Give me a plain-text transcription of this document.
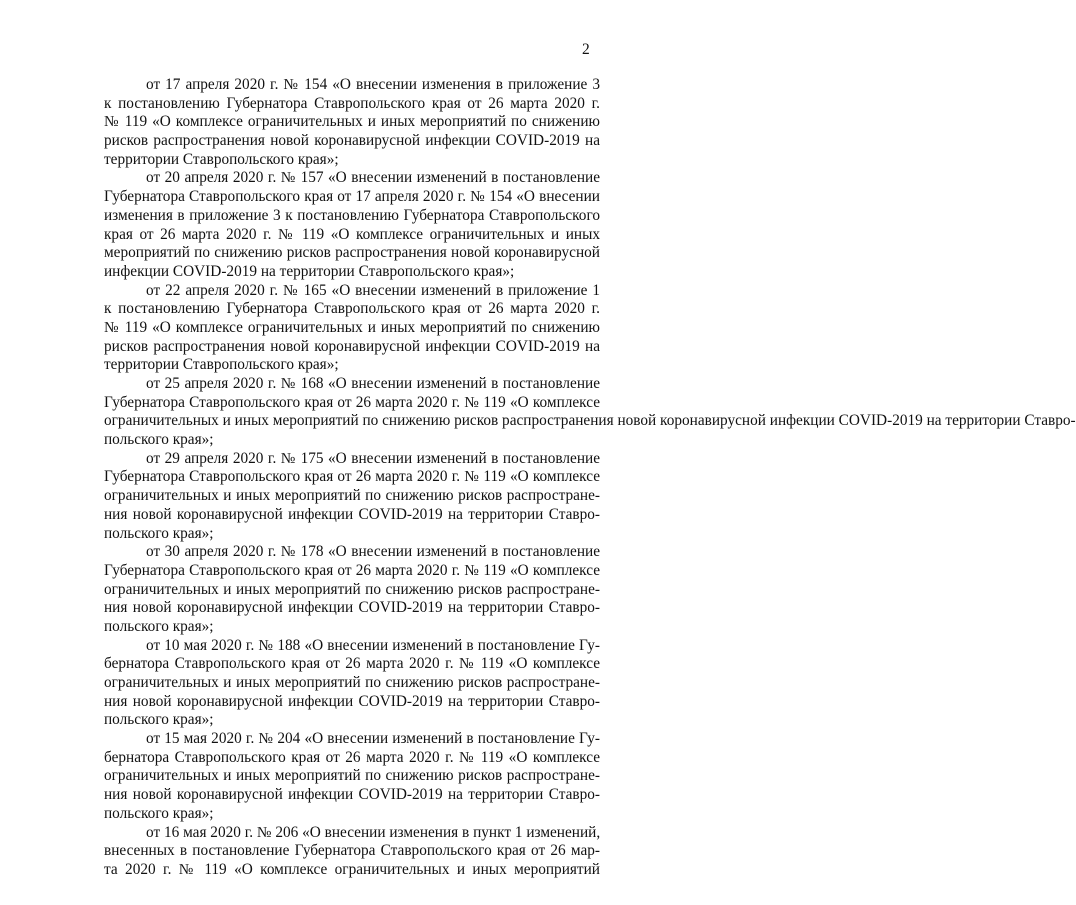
2
от 17 апреля 2020 г. № 154 «О внесении изменения в приложение 3
к постановлению Губернатора Ставропольского края от 26 марта 2020 г.
№ 119 «О комплексе ограничительных и иных мероприятий по снижению
рисков распространения новой коронавирусной инфекции COVID-2019 на
территории Ставропольского края»;
от 20 апреля 2020 г. № 157 «О внесении изменений в постановление
Губернатора Ставропольского края от 17 апреля 2020 г. № 154 «О внесении
изменения в приложение 3 к постановлению Губернатора Ставропольского
края от 26 марта 2020 г. № 119 «О комплексе ограничительных и иных
мероприятий по снижению рисков распространения новой коронавирусной
инфекции COVID-2019 на территории Ставропольского края»;
от 22 апреля 2020 г. № 165 «О внесении изменений в приложение 1
к постановлению Губернатора Ставропольского края от 26 марта 2020 г.
№ 119 «О комплексе ограничительных и иных мероприятий по снижению
рисков распространения новой коронавирусной инфекции COVID-2019 на
территории Ставропольского края»;
от 25 апреля 2020 г. № 168 «О внесении изменений в постановление
Губернатора Ставропольского края от 26 марта 2020 г. № 119 «О комплексе
ограничительных и иных мероприятий по снижению рисков распространения новой коронавирусной инфекции COVID-2019 на территории Ставро-
польского края»;
от 29 апреля 2020 г. № 175 «О внесении изменений в постановление
Губернатора Ставропольского края от 26 марта 2020 г. № 119 «О комплексе
ограничительных и иных мероприятий по снижению рисков распростране-
ния новой коронавирусной инфекции COVID-2019 на территории Ставро-
польского края»;
от 30 апреля 2020 г. № 178 «О внесении изменений в постановление
Губернатора Ставропольского края от 26 марта 2020 г. № 119 «О комплексе
ограничительных и иных мероприятий по снижению рисков распростране-
ния новой коронавирусной инфекции COVID-2019 на территории Ставро-
польского края»;
от 10 мая 2020 г. № 188 «О внесении изменений в постановление Гу-
бернатора Ставропольского края от 26 марта 2020 г. № 119 «О комплексе
ограничительных и иных мероприятий по снижению рисков распростране-
ния новой коронавирусной инфекции COVID-2019 на территории Ставро-
польского края»;
от 15 мая 2020 г. № 204 «О внесении изменений в постановление Гу-
бернатора Ставропольского края от 26 марта 2020 г. № 119 «О комплексе
ограничительных и иных мероприятий по снижению рисков распростране-
ния новой коронавирусной инфекции COVID-2019 на территории Ставро-
польского края»;
от 16 мая 2020 г. № 206 «О внесении изменения в пункт 1 изменений,
внесенных в постановление Губернатора Ставропольского края от 26 мар-
та 2020 г. № 119 «О комплексе ограничительных и иных мероприятий
